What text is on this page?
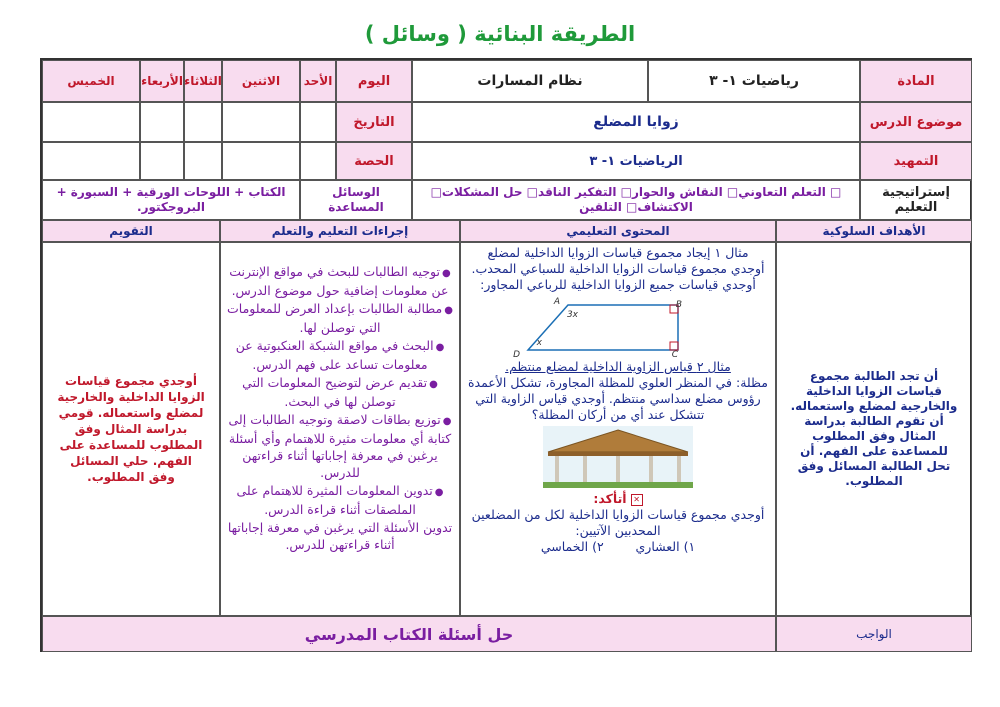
الطريقة البنائية ( وسائل )
المادة
رياضيات ١- ٣
نظام المسارات
اليوم
الأحد
الاثنين
الثلاثاء
الأربعاء
الخميس
موضوع الدرس
زوايا المضلع
التاريخ
التمهيد
الرياضيات ١- ٣
الحصة
إستراتيجية التعليم
□ التعلم التعاوني□ النقاش والحوار□ التفكير الناقد□ حل المشكلات□ الاكتشاف□ التلقين
الوسائل المساعدة
الكتاب + اللوحات الورقية + السبورة + البروجكتور.
الأهداف السلوكية
المحتوى التعليمي
إجراءات التعليم والتعلم
التقويم
أن تجد الطالبة مجموع قياسات الزوايا الداخلية والخارجية لمضلع واستعماله. أن تقوم الطالبة بدراسة المثال وفق المطلوب للمساعدة على الفهم. أن تحل الطالبة المسائل وفق المطلوب.

مثال ١ إيجاد مجموع قياسات الزوايا الداخلية لمضلع

أوجدي مجموع قياسات الزوايا الداخلية للسباعي المحدب.

أوجدي قياسات جميع الزوايا الداخلية للرباعي المجاور:

A	B
C
D
3x
x

مثال ٢ قياس الزاوية الداخلية لمضلع منتظم.

مظلة: في المنظر العلوي للمظلة المجاورة، تشكل الأعمدة رؤوس مضلع سداسي منتظم. أوجدي قياس الزاوية التي تتشكل عند أي من أركان المظلة؟

✕ أتأكد:

أوجدي مجموع قياسات الزوايا الداخلية لكل من المضلعين المحدبين الآتيين:

١) العشاري        ٢) الخماسي

●توجيه الطالبات للبحث في مواقع الإنترنت عن معلومات إضافية حول موضوع الدرس.
●مطالبة الطالبات بإعداد العرض للمعلومات التي توصلن لها.
●البحث في مواقع الشبكة العنكبوتية عن معلومات تساعد على فهم الدرس.
●تقديم عرض لتوضيح المعلومات التي توصلن لها في البحث.
●توزيع بطاقات لاصقة وتوجيه الطالبات إلى كتابة أي معلومات مثيرة للاهتمام وأي أسئلة يرغبن في معرفة إجاباتها أثناء قراءتهن للدرس.
●تدوين المعلومات المثيرة للاهتمام على الملصقات أثناء قراءة الدرس.
تدوين الأسئلة التي يرغبن في معرفة إجاباتها أثناء قراءتهن للدرس.
أوجدي مجموع قياسات الزوايا الداخلية والخارجية لمضلع واستعماله. قومي بدراسة المثال وفق المطلوب للمساعدة على الفهم. حلي المسائل وفق المطلوب.
الواجب
حل أسئلة الكتاب المدرسي
